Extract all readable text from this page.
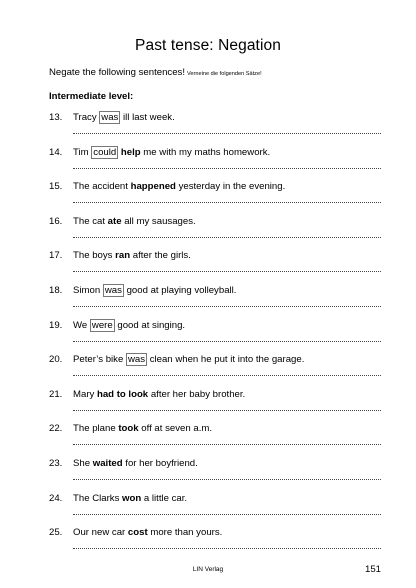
Past tense: Negation
Negate the following sentences! Verneine die folgenden Sätze!
Intermediate level:
13.	Tracy was ill last week.
14.	Tim could help me with my maths homework.
15.	The accident happened yesterday in the evening.
16.	The cat ate all my sausages.
17.	The boys ran after the girls.
18.	Simon was good at playing volleyball.
19.	We were good at singing.
20.	Peter’s bike was clean when he put it into the garage.
21.	Mary had to look after her baby brother.
22.	The plane took off at seven a.m.
23.	She waited for her boyfriend.
24.	The Clarks won a little car.
25.	Our new car cost more than yours.
LIN Verlag	151
